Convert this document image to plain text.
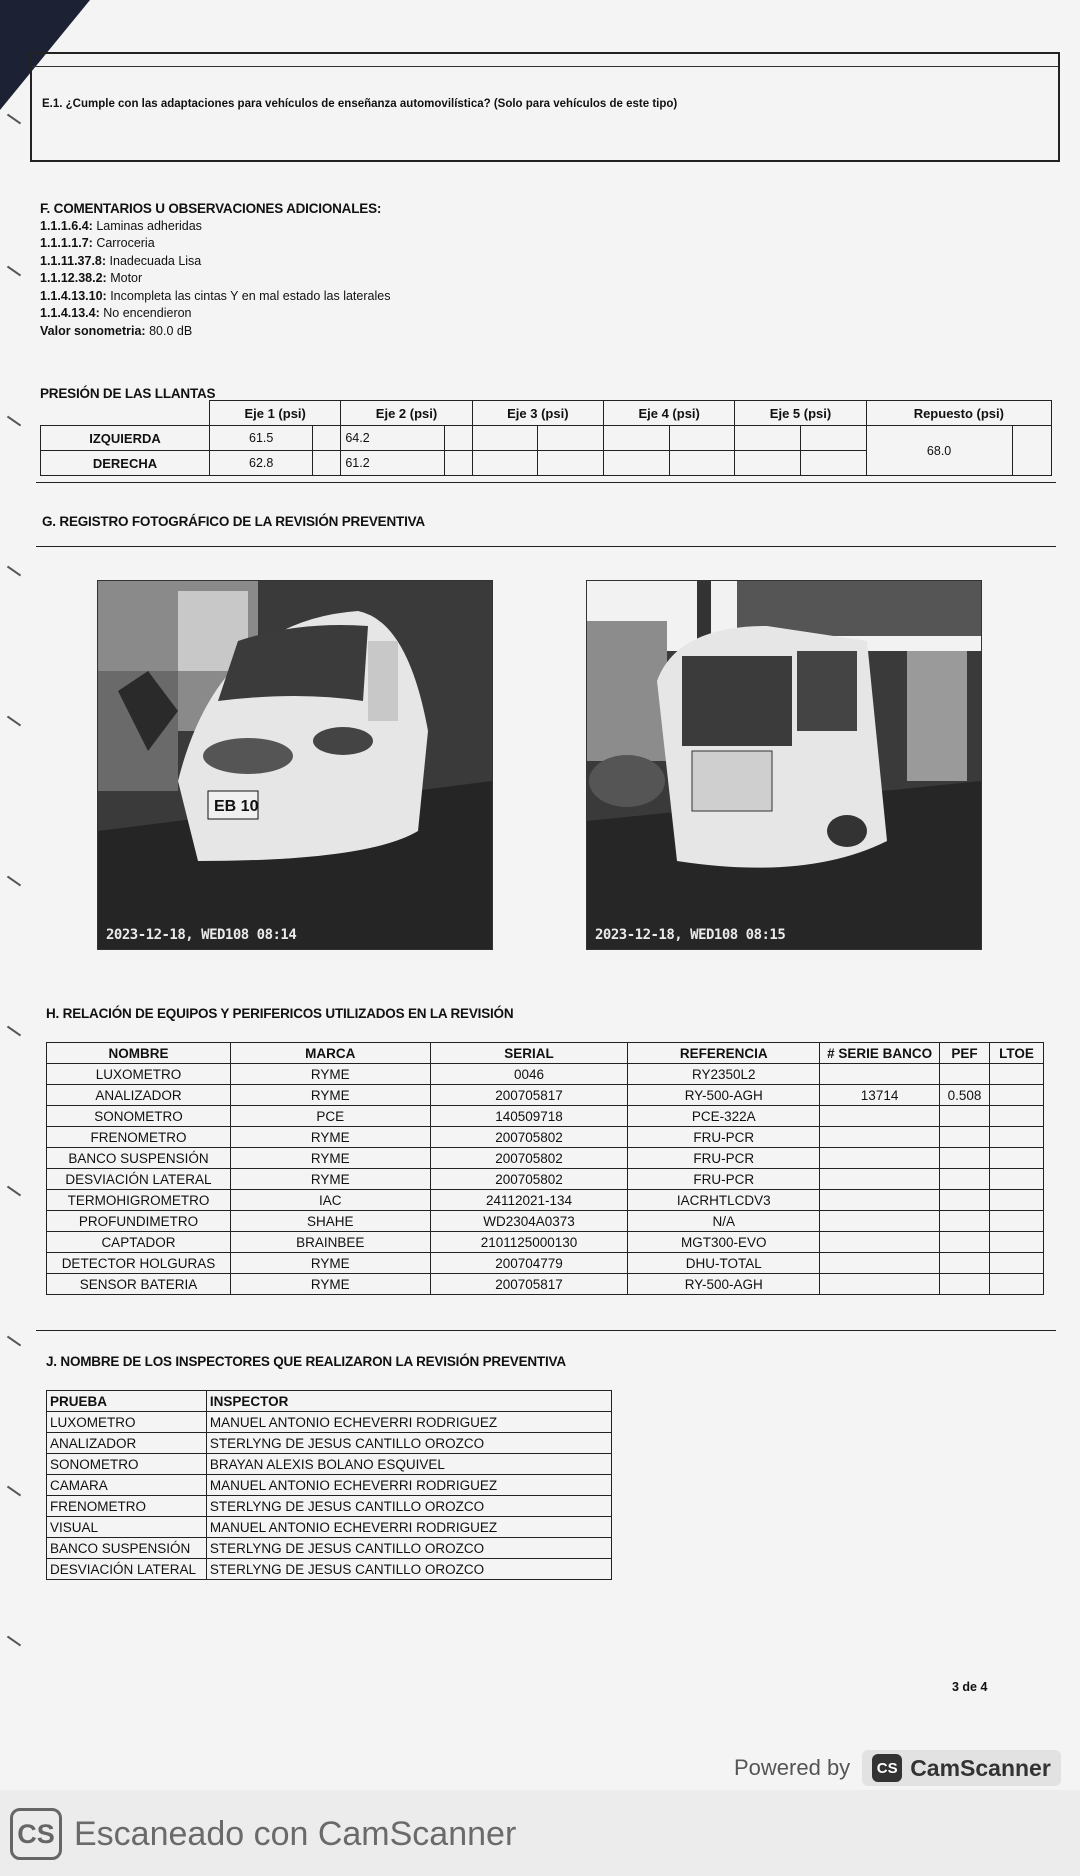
E.1. ¿Cumple con las adaptaciones para vehículos de enseñanza automovilística? (Solo para vehículos de este tipo)
F. COMENTARIOS U OBSERVACIONES ADICIONALES:
1.1.1.6.4: Laminas adheridas
1.1.1.1.7: Carroceria
1.1.11.37.8: Inadecuada Lisa
1.1.12.38.2: Motor
1.1.4.13.10: Incompleta las cintas Y en mal estado las laterales
1.1.4.13.4: No encendieron
Valor sonometria: 80.0 dB
PRESIÓN DE LAS LLANTAS
	Eje 1 (psi)		Eje 2 (psi)		Eje 3 (psi)		Eje 4 (psi)		Eje 5 (psi)		Repuesto (psi)	
IZQUIERDA	61.5		64.2								68.0	
DERECHA	62.8		61.2									
G. REGISTRO FOTOGRÁFICO DE LA REVISIÓN PREVENTIVA
EB 10
2023-12-18, WED108 08:14	2023-12-18, WED108 08:15
H. RELACIÓN DE EQUIPOS Y PERIFERICOS UTILIZADOS EN LA REVISIÓN
NOMBRE	MARCA	SERIAL	REFERENCIA	# SERIE BANCO	PEF	LTOE
LUXOMETRO	RYME	0046	RY2350L2			
ANALIZADOR	RYME	200705817	RY-500-AGH	13714	0.508	
SONOMETRO	PCE	140509718	PCE-322A			
FRENOMETRO	RYME	200705802	FRU-PCR			
BANCO SUSPENSIÓN	RYME	200705802	FRU-PCR			
DESVIACIÓN LATERAL	RYME	200705802	FRU-PCR			
TERMOHIGROMETRO	IAC	24112021-134	IACRHTLCDV3			
PROFUNDIMETRO	SHAHE	WD2304A0373	N/A			
CAPTADOR	BRAINBEE	2101125000130	MGT300-EVO			
DETECTOR HOLGURAS	RYME	200704779	DHU-TOTAL			
SENSOR BATERIA	RYME	200705817	RY-500-AGH			
J. NOMBRE DE LOS INSPECTORES QUE REALIZARON LA REVISIÓN PREVENTIVA
PRUEBA	INSPECTOR
LUXOMETRO	MANUEL ANTONIO ECHEVERRI RODRIGUEZ
ANALIZADOR	STERLYNG DE JESUS CANTILLO OROZCO
SONOMETRO	BRAYAN ALEXIS BOLANO ESQUIVEL
CAMARA	MANUEL ANTONIO ECHEVERRI RODRIGUEZ
FRENOMETRO	STERLYNG DE JESUS CANTILLO OROZCO
VISUAL	MANUEL ANTONIO ECHEVERRI RODRIGUEZ
BANCO SUSPENSIÓN	STERLYNG DE JESUS CANTILLO OROZCO
DESVIACIÓN LATERAL	STERLYNG DE JESUS CANTILLO OROZCO
3 de 4
Powered by	CS CamScanner
CS Escaneado con CamScanner
